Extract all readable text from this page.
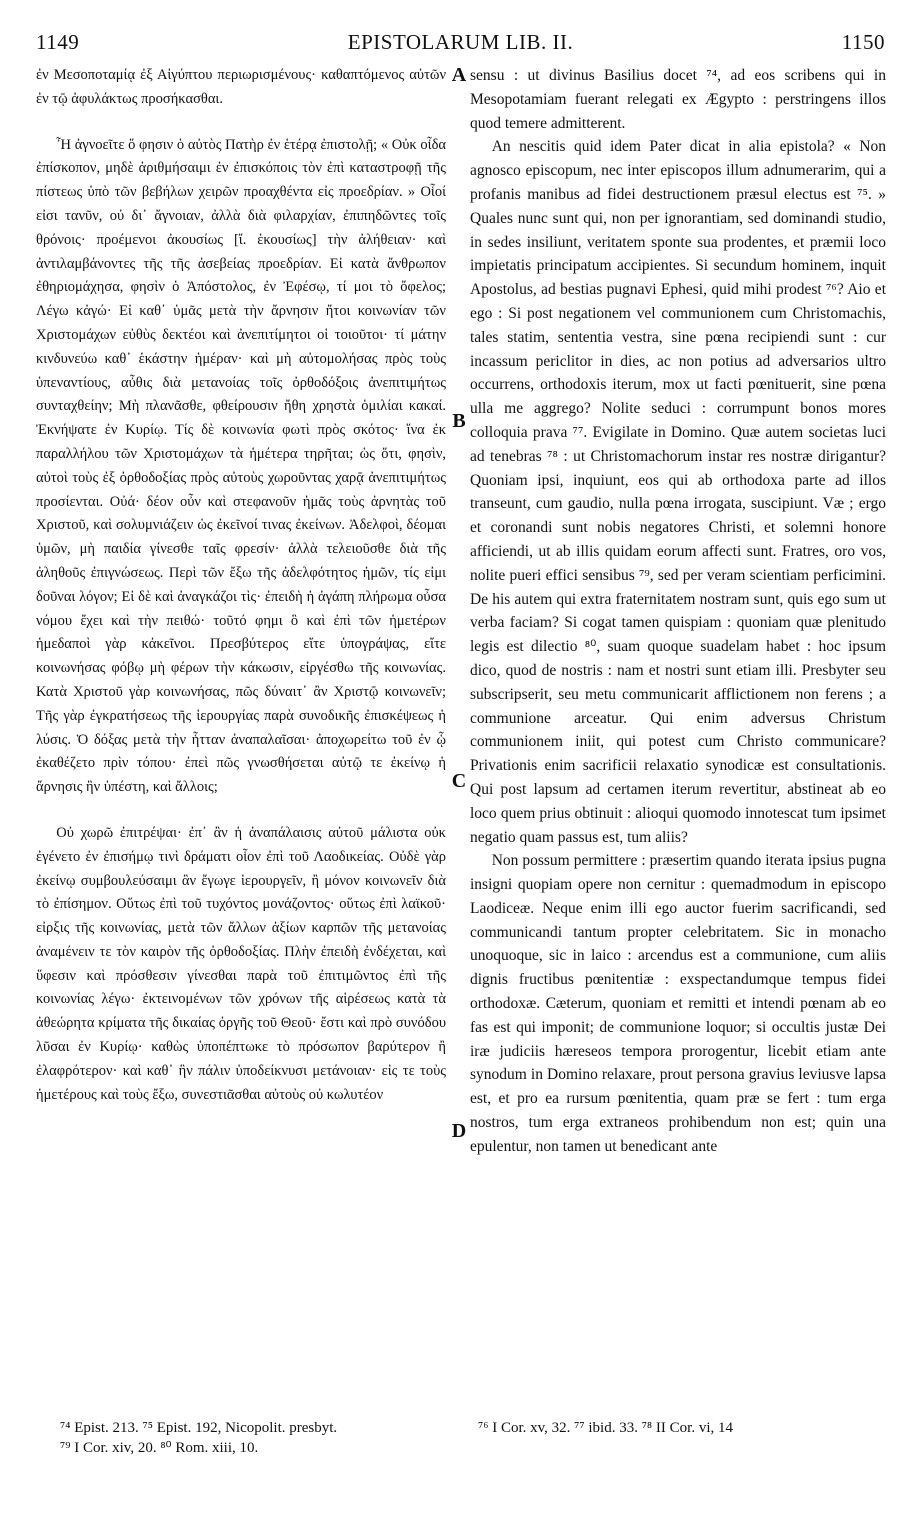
1149	EPISTOLARUM LIB. II.	1150

ἐν Μεσοποταμίᾳ ἐξ Αἰγύπτου περιωρισμένους· καθαπτόμενος αὐτῶν ἐν τῷ ἀφυλάκτως προσήκασθαι.

Ἦ ἀγνοεῖτε ὅ φησιν ὁ αὐτὸς Πατὴρ ἐν ἑτέρᾳ ἐπιστολῇ; « Οὐκ οἶδα ἐπίσκοπον, μηδὲ ἀριθμήσαιμι ἐν ἐπισκόποις τὸν ἐπὶ καταστροφῇ τῆς πίστεως ὑπὸ τῶν βεβήλων χειρῶν προαχθέντα εἰς προεδρίαν. » Οἷοί εἰσι τανῦν, οὐ δι᾽ ἄγνοιαν, ἀλλὰ διὰ φιλαρχίαν, ἐπιπηδῶντες τοῖς θρόνοις· προέμενοι ἀκουσίως [ἴ. ἑκουσίως] τὴν ἀλήθειαν· καὶ ἀντιλαμβάνοντες τῆς τῆς ἀσεβείας προεδρίαν. Εἰ κατὰ ἄνθρωπον ἐθηριομάχησα, φησὶν ὁ Ἀπόστολος, ἐν Ἐφέσῳ, τί μοι τὸ ὄφελος; Λέγω κἀγώ· Εἰ καθ᾽ ὑμᾶς μετὰ τὴν ἄρνησιν ἤτοι κοινωνίαν τῶν Χριστομάχων εὐθὺς δεκτέοι καὶ ἀνεπιτίμητοι οἱ τοιοῦτοι· τί μάτην κινδυνεύω καθ᾽ ἑκάστην ἡμέραν· καὶ μὴ αὐτομολήσας πρὸς τοὺς ὑπεναντίους, αὖθις διὰ μετανοίας τοῖς ὀρθοδόξοις ἀνεπιτιμήτως συνταχθείην; Μὴ πλανᾶσθε, φθείρουσιν ἤθη χρηστὰ ὁμιλίαι κακαί. Ἐκνήψατε ἐν Κυρίῳ. Τίς δὲ κοινωνία φωτὶ πρὸς σκότος· ἵνα ἐκ παραλλήλου τῶν Χριστομάχων τὰ ἡμέτερα τηρῆται; ὡς ὅτι, φησὶν, αὐτοὶ τοὺς ἐξ ὀρθοδοξίας πρὸς αὐτοὺς χωροῦντας χαρᾷ ἀνεπιτιμήτως προσίενται. Οὐά· δέον οὖν καὶ στεφανοῦν ἡμᾶς τοὺς ἀρνητὰς τοῦ Χριστοῦ, καὶ σολυμνιάζειν ὡς ἐκεῖνοί τινας ἐκείνων. Ἀδελφοὶ, δέομαι ὑμῶν, μὴ παιδία γίνεσθε ταῖς φρεσίν· ἀλλὰ τελειοῦσθε διὰ τῆς ἀληθοῦς ἐπιγνώσεως. Περὶ τῶν ἔξω τῆς ἀδελφότητος ἡμῶν, τίς εἰμι δοῦναι λόγον; Εἰ δὲ καὶ ἀναγκάζοι τὶς· ἐπειδὴ ἡ ἀγάπη πλήρωμα οὖσα νόμου ἔχει καὶ τὴν πειθώ· τοῦτό φημι ὃ καὶ ἐπὶ τῶν ἡμετέρων ἡμεδαποὶ γὰρ κἀκεῖνοι. Πρεσβύτερος εἴτε ὑπογράψας, εἴτε κοινωνήσας φόβῳ μὴ φέρων τὴν κάκωσιν, εἰργέσθω τῆς κοινωνίας. Κατὰ Χριστοῦ γὰρ κοινωνήσας, πῶς δύναιτ᾽ ἂν Χριστῷ κοινωνεῖν; Τῆς γὰρ ἐγκρατήσεως τῆς ἱερουργίας παρὰ συνοδικῆς ἐπισκέψεως ἡ λύσις. Ὁ δόξας μετὰ τὴν ἧτταν ἀναπαλαῖσαι· ἀποχωρείτω τοῦ ἐν ᾧ ἐκαθέζετο πρὶν τόπου· ἐπεὶ πῶς γνωσθήσεται αὐτῷ τε ἐκείνῳ ἡ ἄρνησις ἣν ὑπέστη, καὶ ἄλλοις;

Οὐ χωρῶ ἐπιτρέψαι· ἐπ᾽ ἂν ἡ ἀναπάλαισις αὐτοῦ μάλιστα οὐκ ἐγένετο ἐν ἐπισήμῳ τινὶ δράματι οἷον ἐπὶ τοῦ Λαοδικείας. Οὐδὲ γὰρ ἐκείνῳ συμβουλεύσαιμι ἂν ἔγωγε ἱερουργεῖν, ἢ μόνον κοινωνεῖν διὰ τὸ ἐπίσημον. Οὕτως ἐπὶ τοῦ τυχόντος μονάζοντος· οὕτως ἐπὶ λαϊκοῦ· εἰρξις τῆς κοινωνίας, μετὰ τῶν ἄλλων ἀξίων καρπῶν τῆς μετανοίας ἀναμένειν τε τὸν καιρὸν τῆς ὀρθοδοξίας. Πλὴν ἐπειδὴ ἐνδέχεται, καὶ ὕφεσιν καὶ πρόσθεσιν γίνεσθαι παρὰ τοῦ ἐπιτιμῶντος ἐπὶ τῆς κοινωνίας λέγω· ἐκτεινομένων τῶν χρόνων τῆς αἱρέσεως κατὰ τὰ ἀθεώρητα κρίματα τῆς δικαίας ὀργῆς τοῦ Θεοῦ· ἔστι καὶ πρὸ συνόδου λῦσαι ἐν Κυρίῳ· καθὼς ὑποπέπτωκε τὸ πρόσωπον βαρύτερον ἢ ἐλαφρότερον· καὶ καθ᾽ ἣν πάλιν ὑποδείκνυσι μετάνοιαν· εἰς τε τοὺς ἡμετέρους καὶ τοὺς ἔξω, συνεστιᾶσθαι αὐτοὺς οὐ κωλυτέον

sensu : ut divinus Basilius docet ⁷⁴, ad eos scribens qui in Mesopotamiam fuerant relegati ex Ægypto : perstringens illos quod temere admitterent.

An nescitis quid idem Pater dicat in alia epistola? « Non agnosco episcopum, nec inter episcopos illum adnumerarim, qui a profanis manibus ad fidei destructionem præsul electus est ⁷⁵. » Quales nunc sunt qui, non per ignorantiam, sed dominandi studio, in sedes insiliunt, veritatem sponte sua prodentes, et præmii loco impietatis principatum accipientes. Si secundum hominem, inquit Apostolus, ad bestias pugnavi Ephesi, quid mihi prodest ⁷⁶? Aio et ego : Si post negationem vel communionem cum Christomachis, tales statim, sententia vestra, sine pœna recipiendi sunt : cur incassum periclitor in dies, ac non potius ad adversarios ultro occurrens, orthodoxis iterum, mox ut facti pœnituerit, sine pœna ulla me aggrego? Nolite seduci : corrumpunt bonos mores colloquia prava ⁷⁷. Evigilate in Domino. Quæ autem societas luci ad tenebras ⁷⁸ : ut Christomachorum instar res nostræ dirigantur? Quoniam ipsi, inquiunt, eos qui ab orthodoxa parte ad illos transeunt, cum gaudio, nulla pœna irrogata, suscipiunt. Væ ; ergo et coronandi sunt nobis negatores Christi, et solemni honore afficiendi, ut ab illis quidam eorum affecti sunt. Fratres, oro vos, nolite pueri effici sensibus ⁷⁹, sed per veram scientiam perficimini. De his autem qui extra fraternitatem nostram sunt, quis ego sum ut verba faciam? Si cogat tamen quispiam : quoniam quæ plenitudo legis est dilectio ⁸⁰, suam quoque suadelam habet : hoc ipsum dico, quod de nostris : nam et nostri sunt etiam illi. Presbyter seu subscripserit, seu metu communicarit afflictionem non ferens ; a communione arceatur. Qui enim adversus Christum communionem iniit, qui potest cum Christo communicare? Privationis enim sacrificii relaxatio synodicæ est consultationis. Qui post lapsum ad certamen iterum revertitur, abstineat ab eo loco quem prius obtinuit : alioqui quomodo innotescat tum ipsimet negatio quam passus est, tum aliis?

Non possum permittere : præsertim quando iterata ipsius pugna insigni quopiam opere non cernitur : quemadmodum in episcopo Laodiceæ. Neque enim illi ego auctor fuerim sacrificandi, sed communicandi tantum propter celebritatem. Sic in monacho unoquoque, sic in laico : arcendus est a communione, cum aliis dignis fructibus pœnitentiæ : exspectandumque tempus fidei orthodoxæ. Cæterum, quoniam et remitti et intendi pœnam ab eo fas est qui imponit; de communione loquor; si occultis justæ Dei iræ judiciis hæreseos tempora prorogentur, licebit etiam ante synodum in Domino relaxare, prout persona gravius leviusve lapsa est, et pro ea rursum pœnitentia, quam præ se fert : tum erga nostros, tum erga extraneos prohibendum non est; quin una epulentur, non tamen ut benedicant ante

A
B
C
D
⁷⁴ Epist. 213. ⁷⁵ Epist. 192, Nicopolit. presbyt.
⁷⁹ I Cor. xiv, 20. ⁸⁰ Rom. xiii, 10.
⁷⁶ I Cor. xv, 32. ⁷⁷ ibid. 33. ⁷⁸ II Cor. vi, 14
